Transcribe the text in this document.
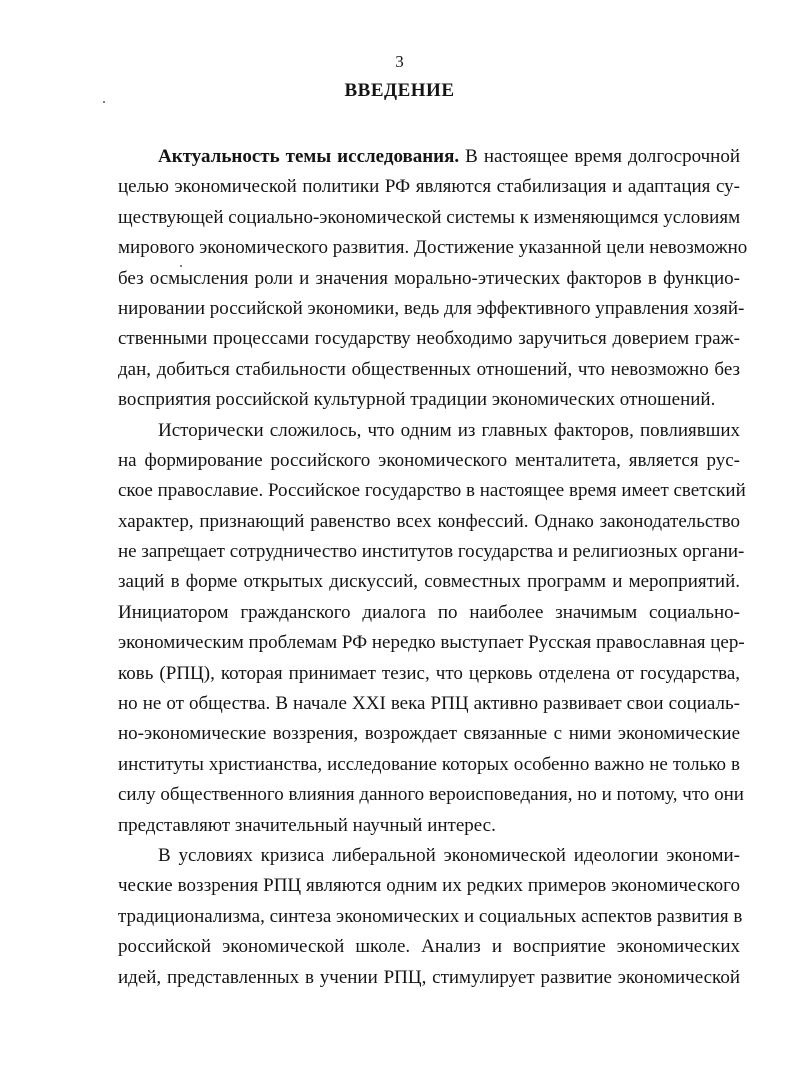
3
ВВЕДЕНИЕ
Актуальность темы исследования. В настоящее время долгосрочной
целью экономической политики РФ являются стабилизация и адаптация су-
ществующей социально-экономической системы к изменяющимся условиям
мирового экономического развития. Достижение указанной цели невозможно
без осмысления роли и значения морально-этических факторов в функцио-
нировании российской экономики, ведь для эффективного управления хозяй-
ственными процессами государству необходимо заручиться доверием граж-
дан, добиться стабильности общественных отношений, что невозможно без
восприятия российской культурной традиции экономических отношений.
Исторически сложилось, что одним из главных факторов, повлиявших
на формирование российского экономического менталитета, является рус-
ское православие. Российское государство в настоящее время имеет светский
характер, признающий равенство всех конфессий. Однако законодательство
не запрещает сотрудничество институтов государства и религиозных органи-
заций в форме открытых дискуссий, совместных программ и мероприятий.
Инициатором гражданского диалога по наиболее значимым социально-
экономическим проблемам РФ нередко выступает Русская православная цер-
ковь (РПЦ), которая принимает тезис, что церковь отделена от государства,
но не от общества. В начале XXI века РПЦ активно развивает свои социаль-
но-экономические воззрения, возрождает связанные с ними экономические
институты христианства, исследование которых особенно важно не только в
силу общественного влияния данного вероисповедания, но и потому, что они
представляют значительный научный интерес.
В условиях кризиса либеральной экономической идеологии экономи-
ческие воззрения РПЦ являются одним их редких примеров экономического
традиционализма, синтеза экономических и социальных аспектов развития в
российской экономической школе. Анализ и восприятие экономических
идей, представленных в учении РПЦ, стимулирует развитие экономической
